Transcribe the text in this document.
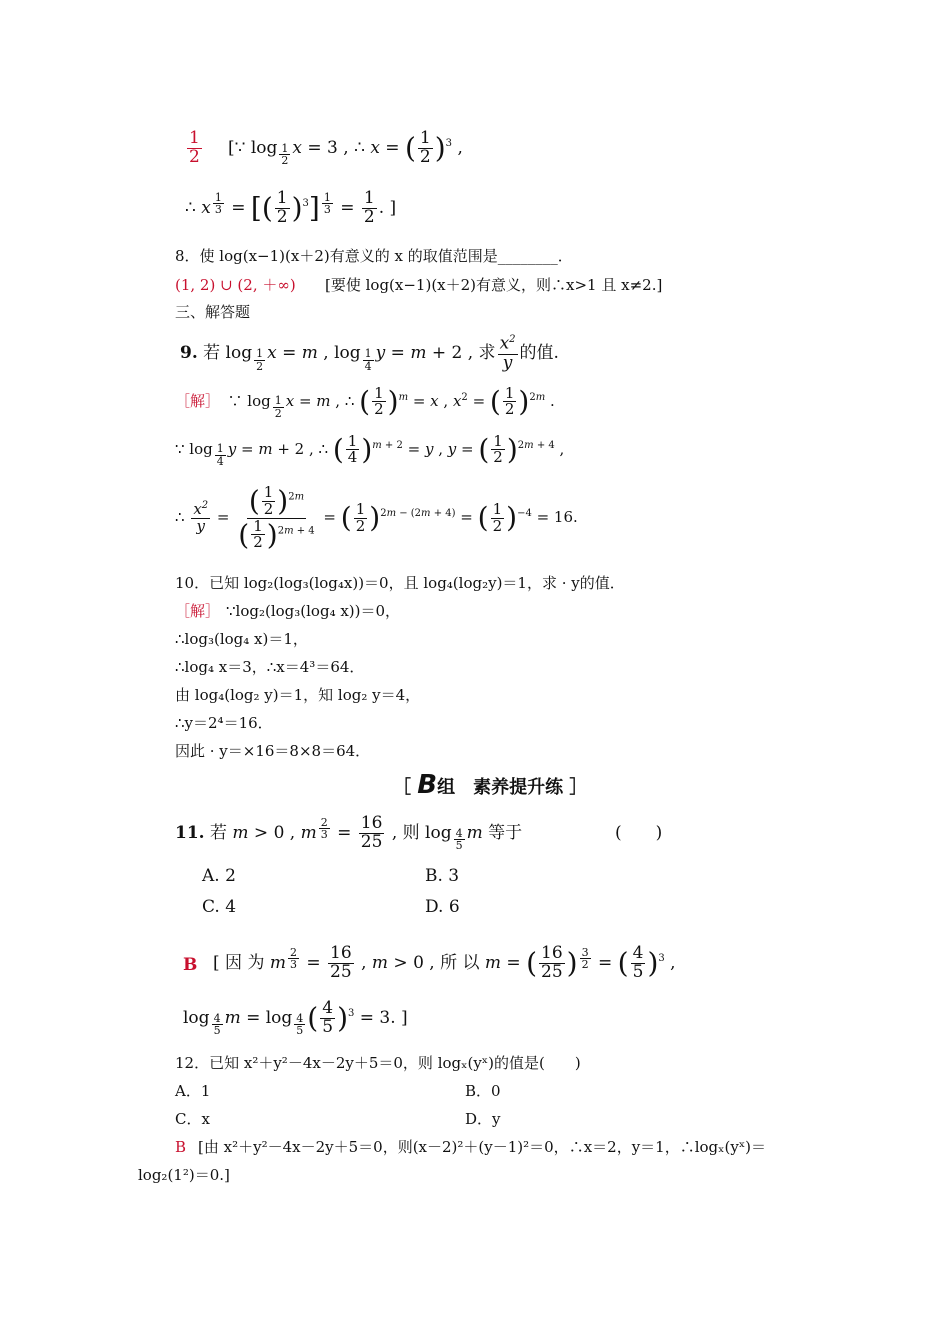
$\frac{1}{2}$ [∵ log $_{\frac{1}{2}}$ x = 3 , ∴ x = ( $\frac{1}{2} )^3$ ,
∴ x $^{\frac{1}{3}}$ = [( $\frac{1}{2} )^3$] $^{\frac{1}{3}} = \frac{1}{2}$ . ]
8．使 log(x−1)(x＋2)有意义的 x 的取值范围是________．
(1, 2) ∪ (2, ＋∞) [要使 log(x−1)(x＋2)有意义，则∴x>1 且 x≠2.]
三、解答题
9. 若 log $_{\frac{1}{2}}$ x = m , log $_{\frac{1}{4}}$ y = m + 2 , 求 $\frac{x^2}{y}$ 的值.
［解］　∵ log $_{\frac{1}{2}}$ x = m , ∴ ( $\frac{1}{2} )^m = x$ , $x^2$ = ( $\frac{1}{2} )^{2m}$ .
∵ log $_{\frac{1}{4}}$ y = m + 2 , ∴ ( $\frac{1}{4} )^{m + 2} = y$ , y = ( $\frac{1}{2} )^{2m + 4}$ ,
∴ $\frac{x^2}{y} = \frac{( \frac{1}{2} )^{2m}}{( \frac{1}{2} )^{2m + 4}}$ = ( $\frac{1}{2} )^{2m - (2m + 4)}$ = ( $\frac{1}{2} )^{-4} = 16$.
10．已知 log₂(log₃(log₄x))＝0，且 log₄(log₂y)＝1，求 · y的值．
［解］ ∵log₂(log₃(log₄ x))＝0，
∴log₃(log₄ x)＝1，
∴log₄ x＝3，∴x＝4³＝64．
由 log₄(log₂ y)＝1，知 log₂ y＝4，
∴y＝2⁴＝16．
因此 · y＝×16＝8×8＝64．
［ B组　素养提升练 ］
11. 若 m > 0 , m $^{\frac{2}{3}} = \frac{16}{25}$ , 则 log $_{\frac{4}{5}}$ m 等于	(　　)
A. 2	B. 3
C. 4	D. 6
B [ 因 为 m $^{\frac{2}{3}} = \frac{16}{25}$ , m > 0 , 所 以 m = ( $\frac{16}{25}$ ) $^{\frac{3}{2}}$ = ( $\frac{4}{5} )^3$ ,
log $_{\frac{4}{5}}$ m = log $_{\frac{4}{5}}$ ( $\frac{4}{5} )^3 = 3$. ]
12．已知 x²＋y²－4x－2y＋5＝0，则 logₓ(yˣ)的值是(　　)
A．1	B．0
C．x	D．y
B [由 x²＋y²－4x－2y＋5＝0，则(x－2)²＋(y－1)²＝0，∴x＝2，y＝1，∴logₓ(yˣ)＝
log₂(1²)＝0.]
